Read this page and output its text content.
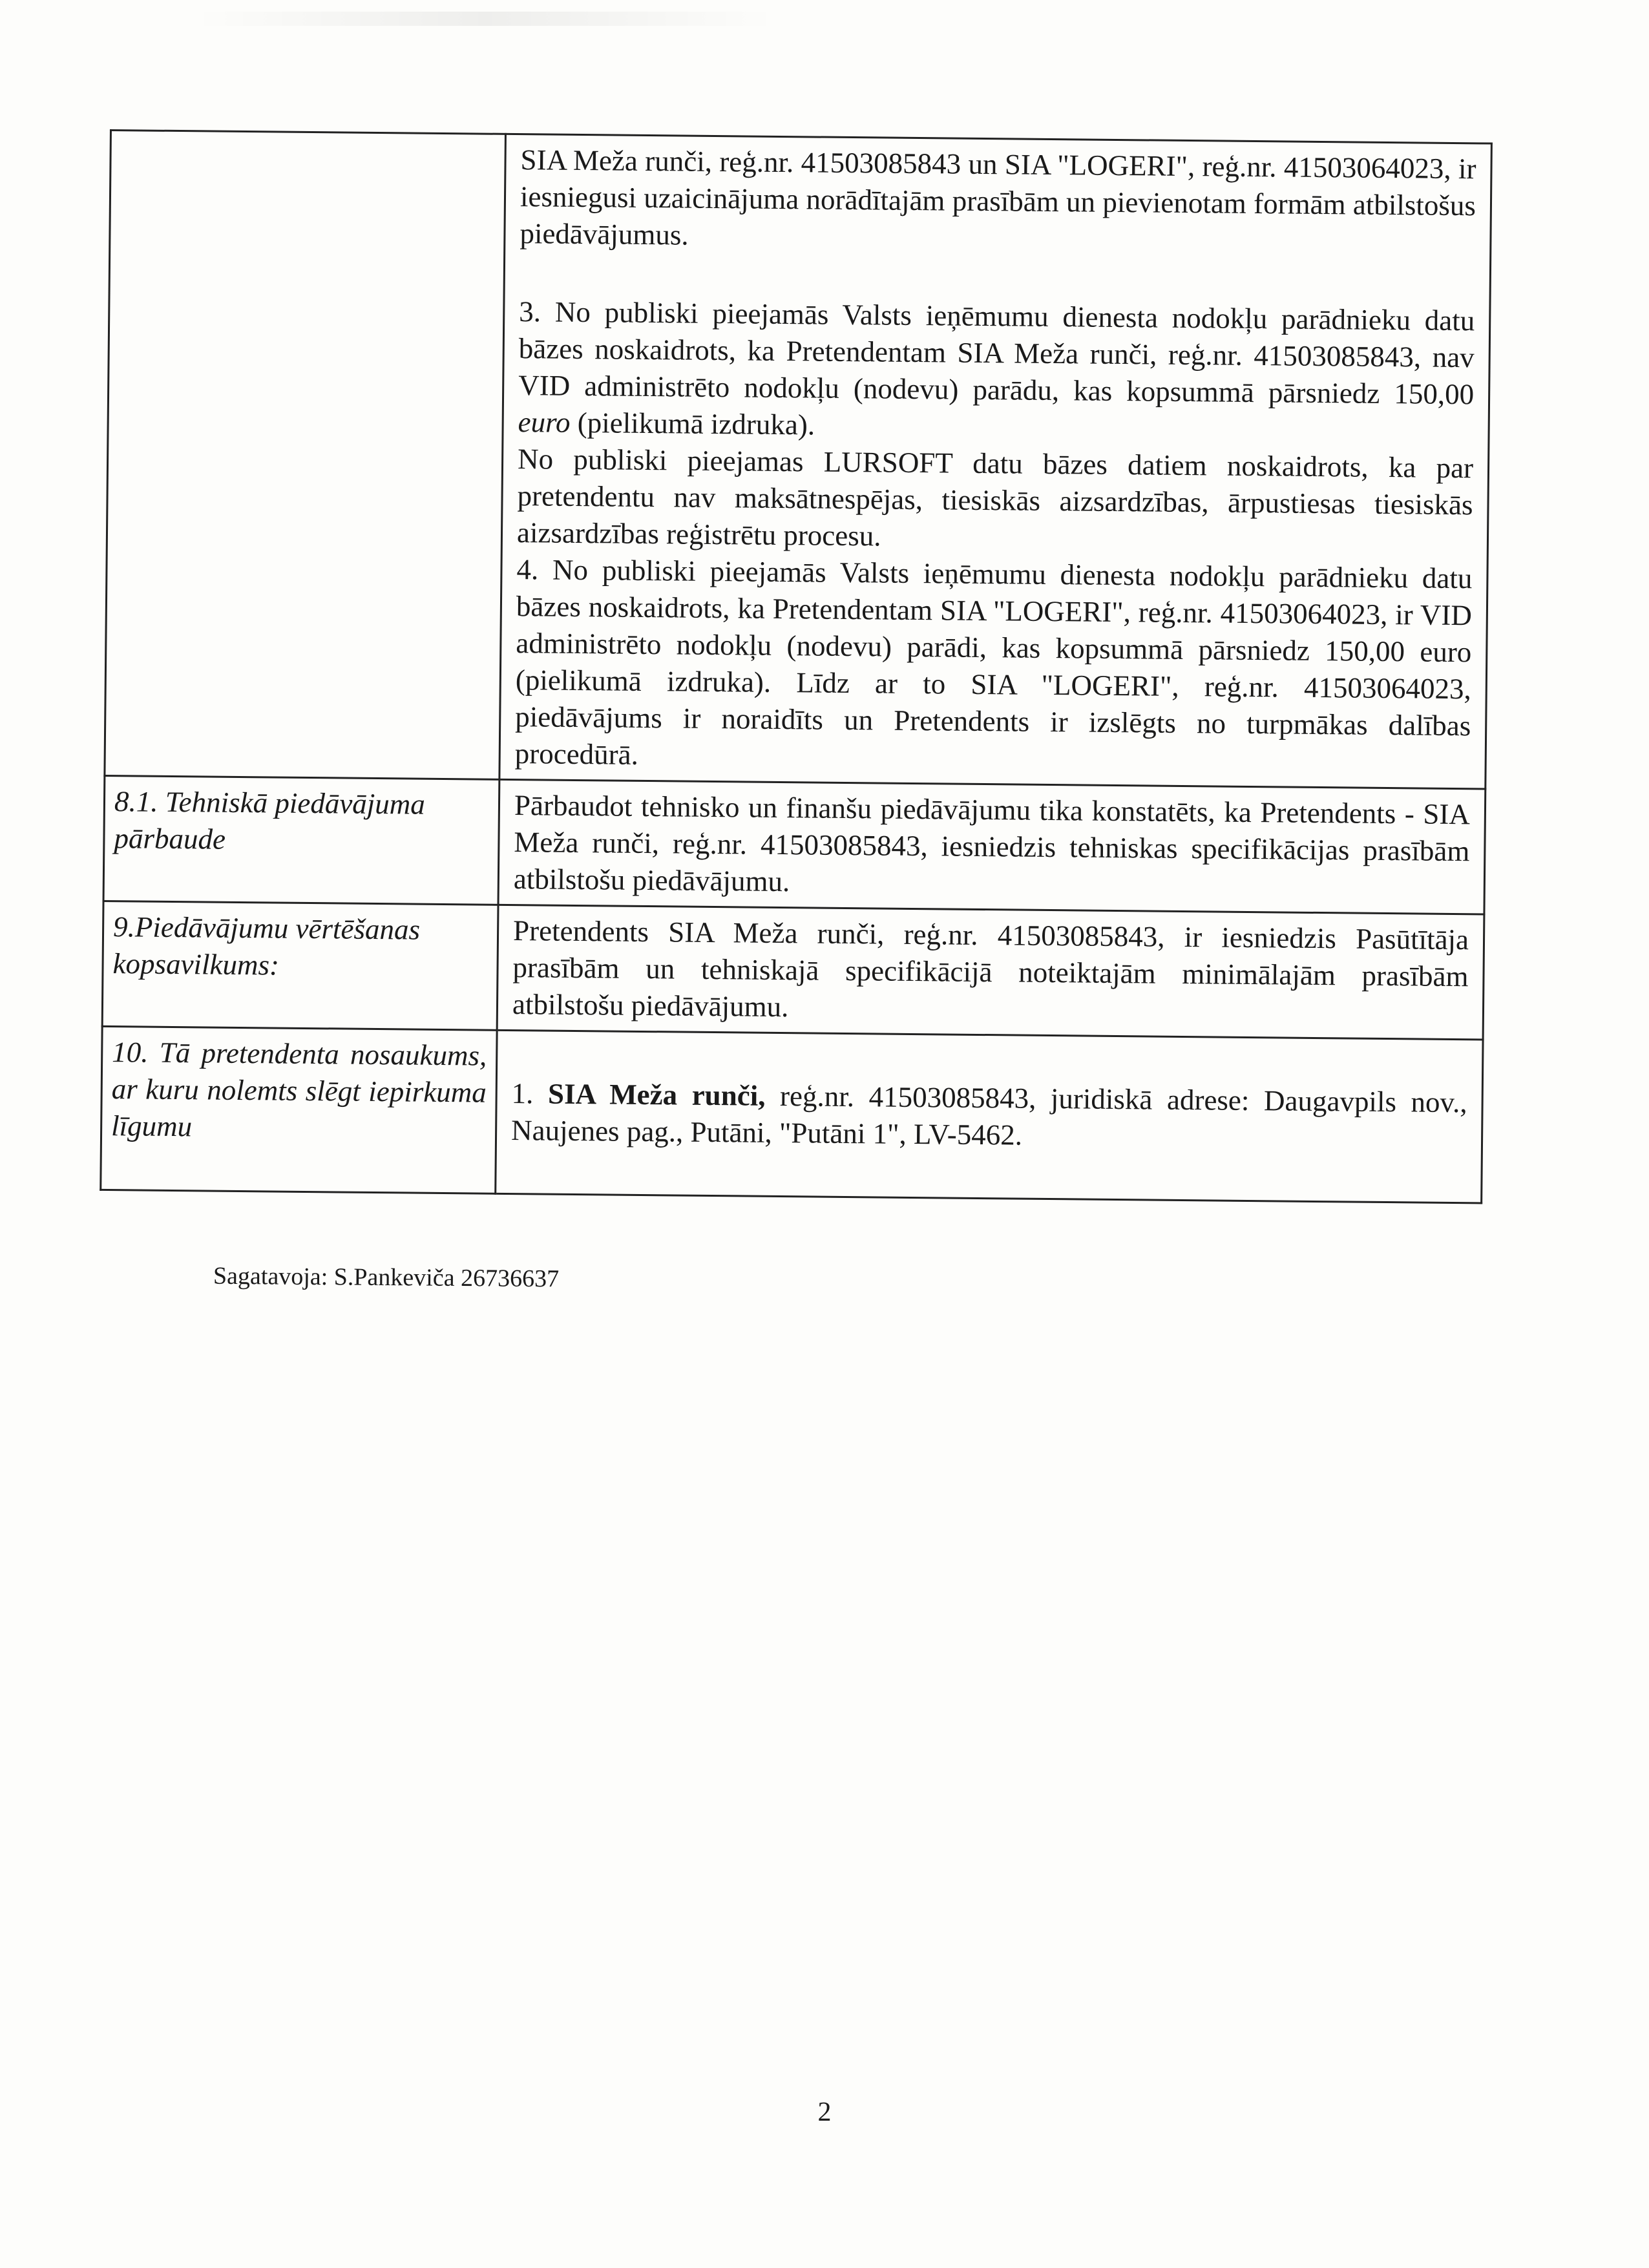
	SIA Meža runči, reģ.nr. 41503085843 un SIA "LOGERI", reģ.nr. 41503064023, ir iesniegusi uzaicinājuma norādītajām prasībām un pievienotam formām atbilstošus piedāvājumus.

3. No publiski pieejamās Valsts ieņēmumu dienesta nodokļu parādnieku datu bāzes noskaidrots, ka Pretendentam SIA Meža runči, reģ.nr. 41503085843, nav VID administrēto nodokļu (nodevu) parādu, kas kopsummā pārsniedz 150,00 euro (pielikumā izdruka).

No publiski pieejamas LURSOFT datu bāzes datiem noskaidrots, ka par pretendentu nav maksātnespējas, tiesiskās aizsardzības, ārpustiesas tiesiskās aizsardzības reģistrētu procesu.

4. No publiski pieejamās Valsts ieņēmumu dienesta nodokļu parādnieku datu bāzes noskaidrots, ka Pretendentam SIA "LOGERI", reģ.nr. 41503064023, ir VID administrēto nodokļu (nodevu) parādi, kas kopsummā pārsniedz 150,00 euro (pielikumā izdruka). Līdz ar to SIA "LOGERI", reģ.nr. 41503064023, piedāvājums ir noraidīts un Pretendents ir izslēgts no turpmākas dalības procedūrā.

8.1. Tehniskā piedāvājuma pārbaude	Pārbaudot tehnisko un finanšu piedāvājumu tika konstatēts, ka Pretendents - SIA Meža runči, reģ.nr. 41503085843, iesniedzis tehniskas specifikācijas prasībām atbilstošu piedāvājumu.
9.Piedāvājumu vērtēšanas kopsavilkums:	Pretendents SIA Meža runči, reģ.nr. 41503085843, ir iesniedzis Pasūtītāja prasībām un tehniskajā specifikācijā noteiktajām minimālajām prasībām atbilstošu piedāvājumu.
10. Tā pretendenta nosaukums, ar kuru nolemts slēgt iepirkuma līgumu	1. SIA Meža runči, reģ.nr. 41503085843, juridiskā adrese: Daugavpils nov., Naujenes pag., Putāni, "Putāni 1", LV-5462.
Sagatavoja: S.Pankeviča 26736637
2
